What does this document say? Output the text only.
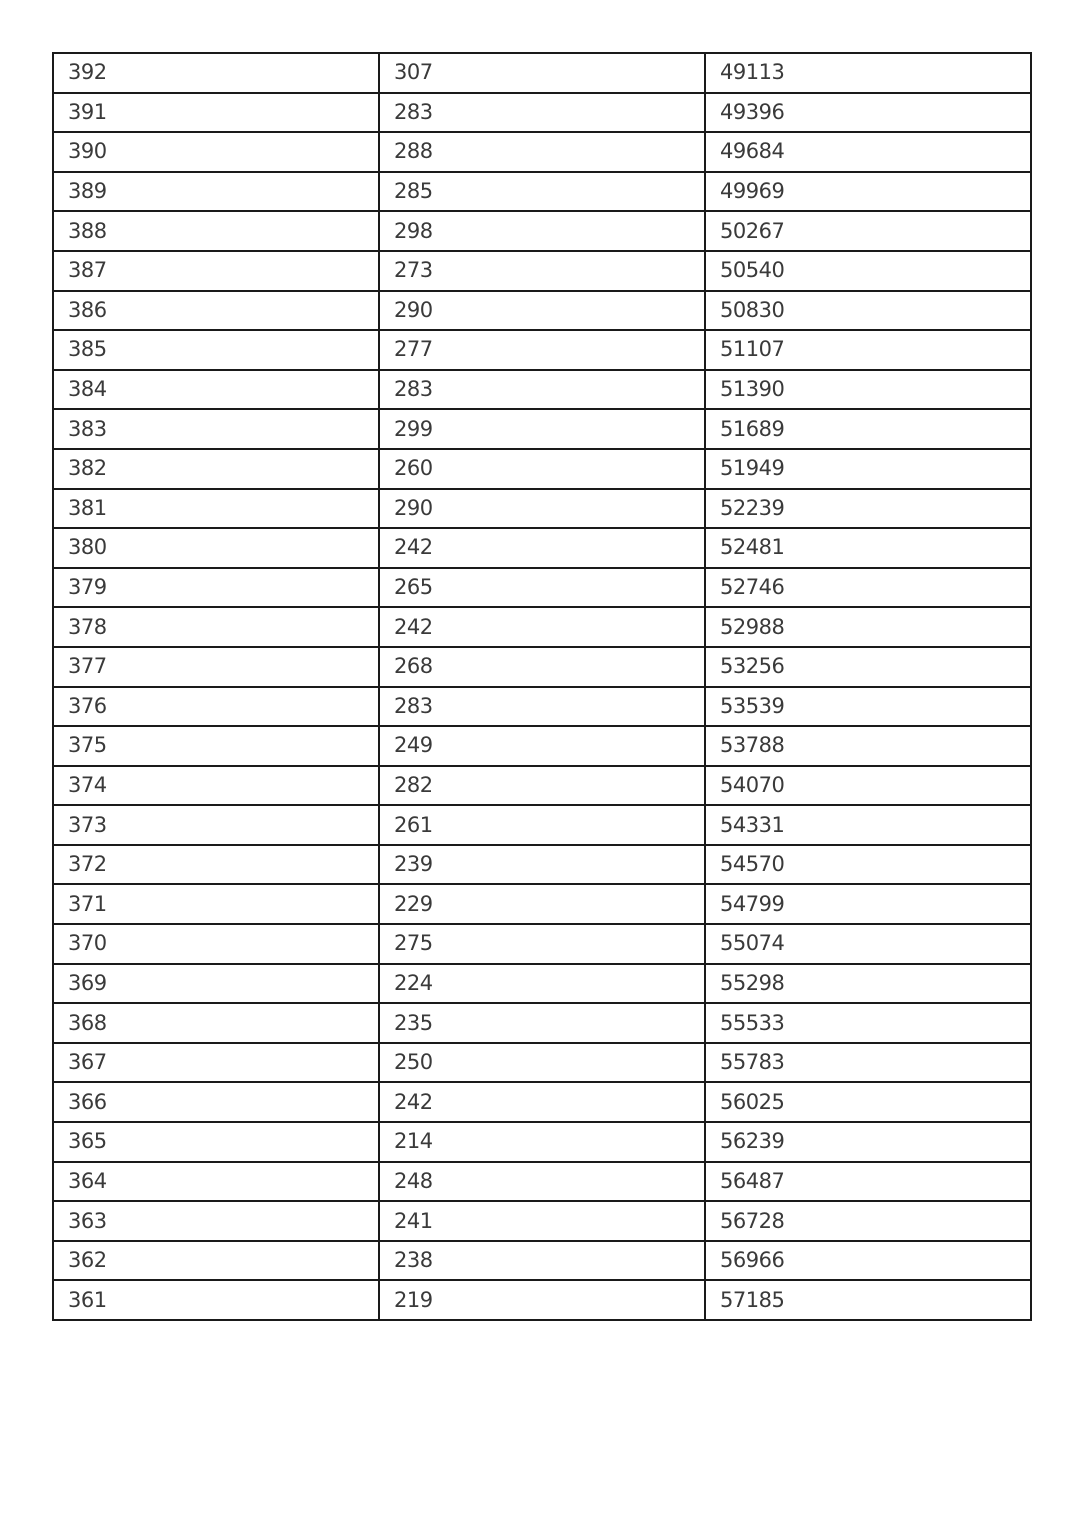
392	307	49113
391	283	49396
390	288	49684
389	285	49969
388	298	50267
387	273	50540
386	290	50830
385	277	51107
384	283	51390
383	299	51689
382	260	51949
381	290	52239
380	242	52481
379	265	52746
378	242	52988
377	268	53256
376	283	53539
375	249	53788
374	282	54070
373	261	54331
372	239	54570
371	229	54799
370	275	55074
369	224	55298
368	235	55533
367	250	55783
366	242	56025
365	214	56239
364	248	56487
363	241	56728
362	238	56966
361	219	57185
